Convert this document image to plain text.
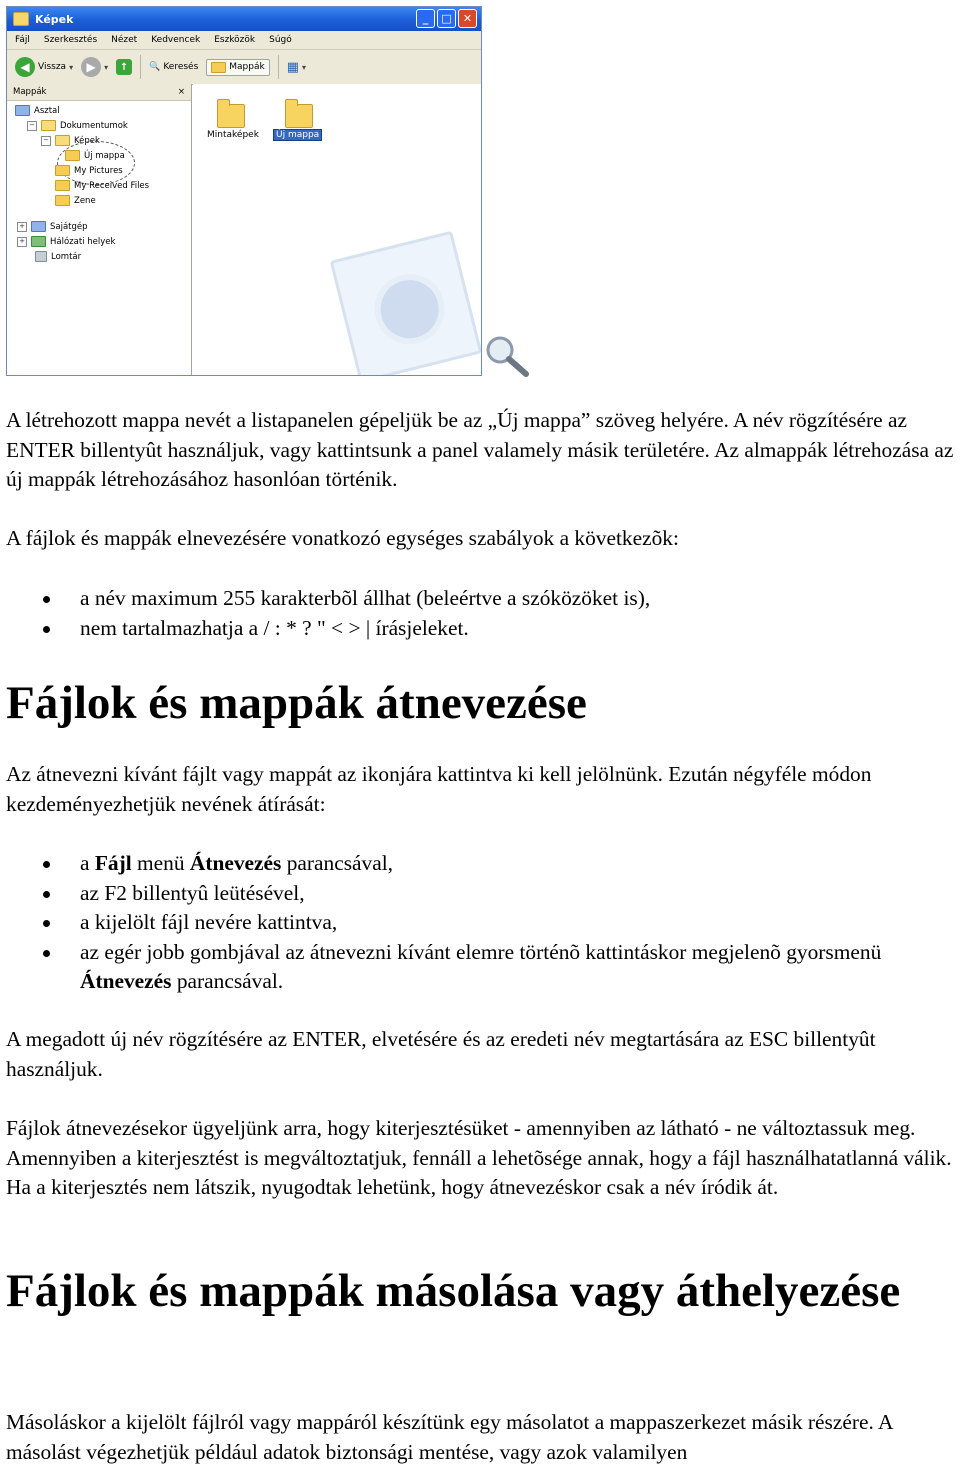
Képek	_	□	✕
Fájl Szerkesztés Nézet Kedvencek Eszközök Súgó
◀ Vissza ▾	▶	▾	↑	🔍 Keresés	Mappák ▦ ▾
Mappák	×
Asztal
−	Dokumentumok
−	Képek
Új mappa
My Pictures
My Received Files
Zene
+	Sajátgép
+	Hálózati helyek
Lomtár
Mintaképek	Új mappa

A létrehozott mappa nevét a listapanelen gépeljük be az „Új mappa” szöveg helyére. A név rögzítésére az ENTER billentyût használjuk, vagy kattintsunk a panel valamely másik területére. Az almappák létrehozása az új mappák létrehozásához hasonlóan történik.

A fájlok és mappák elnevezésére vonatkozó egységes szabályok a következõk:

a név maximum 255 karakterbõl állhat (beleértve a szóközöket is),
nem tartalmazhatja a / : * ? " < > | írásjeleket.
Fájlok és mappák átnevezése

Az átnevezni kívánt fájlt vagy mappát az ikonjára kattintva ki kell jelölnünk. Ezután négyféle módon kezdeményezhetjük nevének átírását:

a Fájl menü Átnevezés parancsával,
az F2 billentyû leütésével,
a kijelölt fájl nevére kattintva,
az egér jobb gombjával az átnevezni kívánt elemre történõ kattintáskor megjelenõ gyorsmenü Átnevezés parancsával.

A megadott új név rögzítésére az ENTER, elvetésére és az eredeti név megtartására az ESC billentyût használjuk.

Fájlok átnevezésekor ügyeljünk arra, hogy kiterjesztésüket - amennyiben az látható - ne változtassuk meg. Amennyiben a kiterjesztést is megváltoztatjuk, fennáll a lehetõsége annak, hogy a fájl használhatatlanná válik. Ha a kiterjesztés nem látszik, nyugodtak lehetünk, hogy átnevezéskor csak a név íródik át.

Fájlok és mappák másolása vagy áthelyezése

Másoláskor a kijelölt fájlról vagy mappáról készítünk egy másolatot a mappaszerkezet másik részére. A másolást végezhetjük például adatok biztonsági mentése, vagy azok valamilyen
